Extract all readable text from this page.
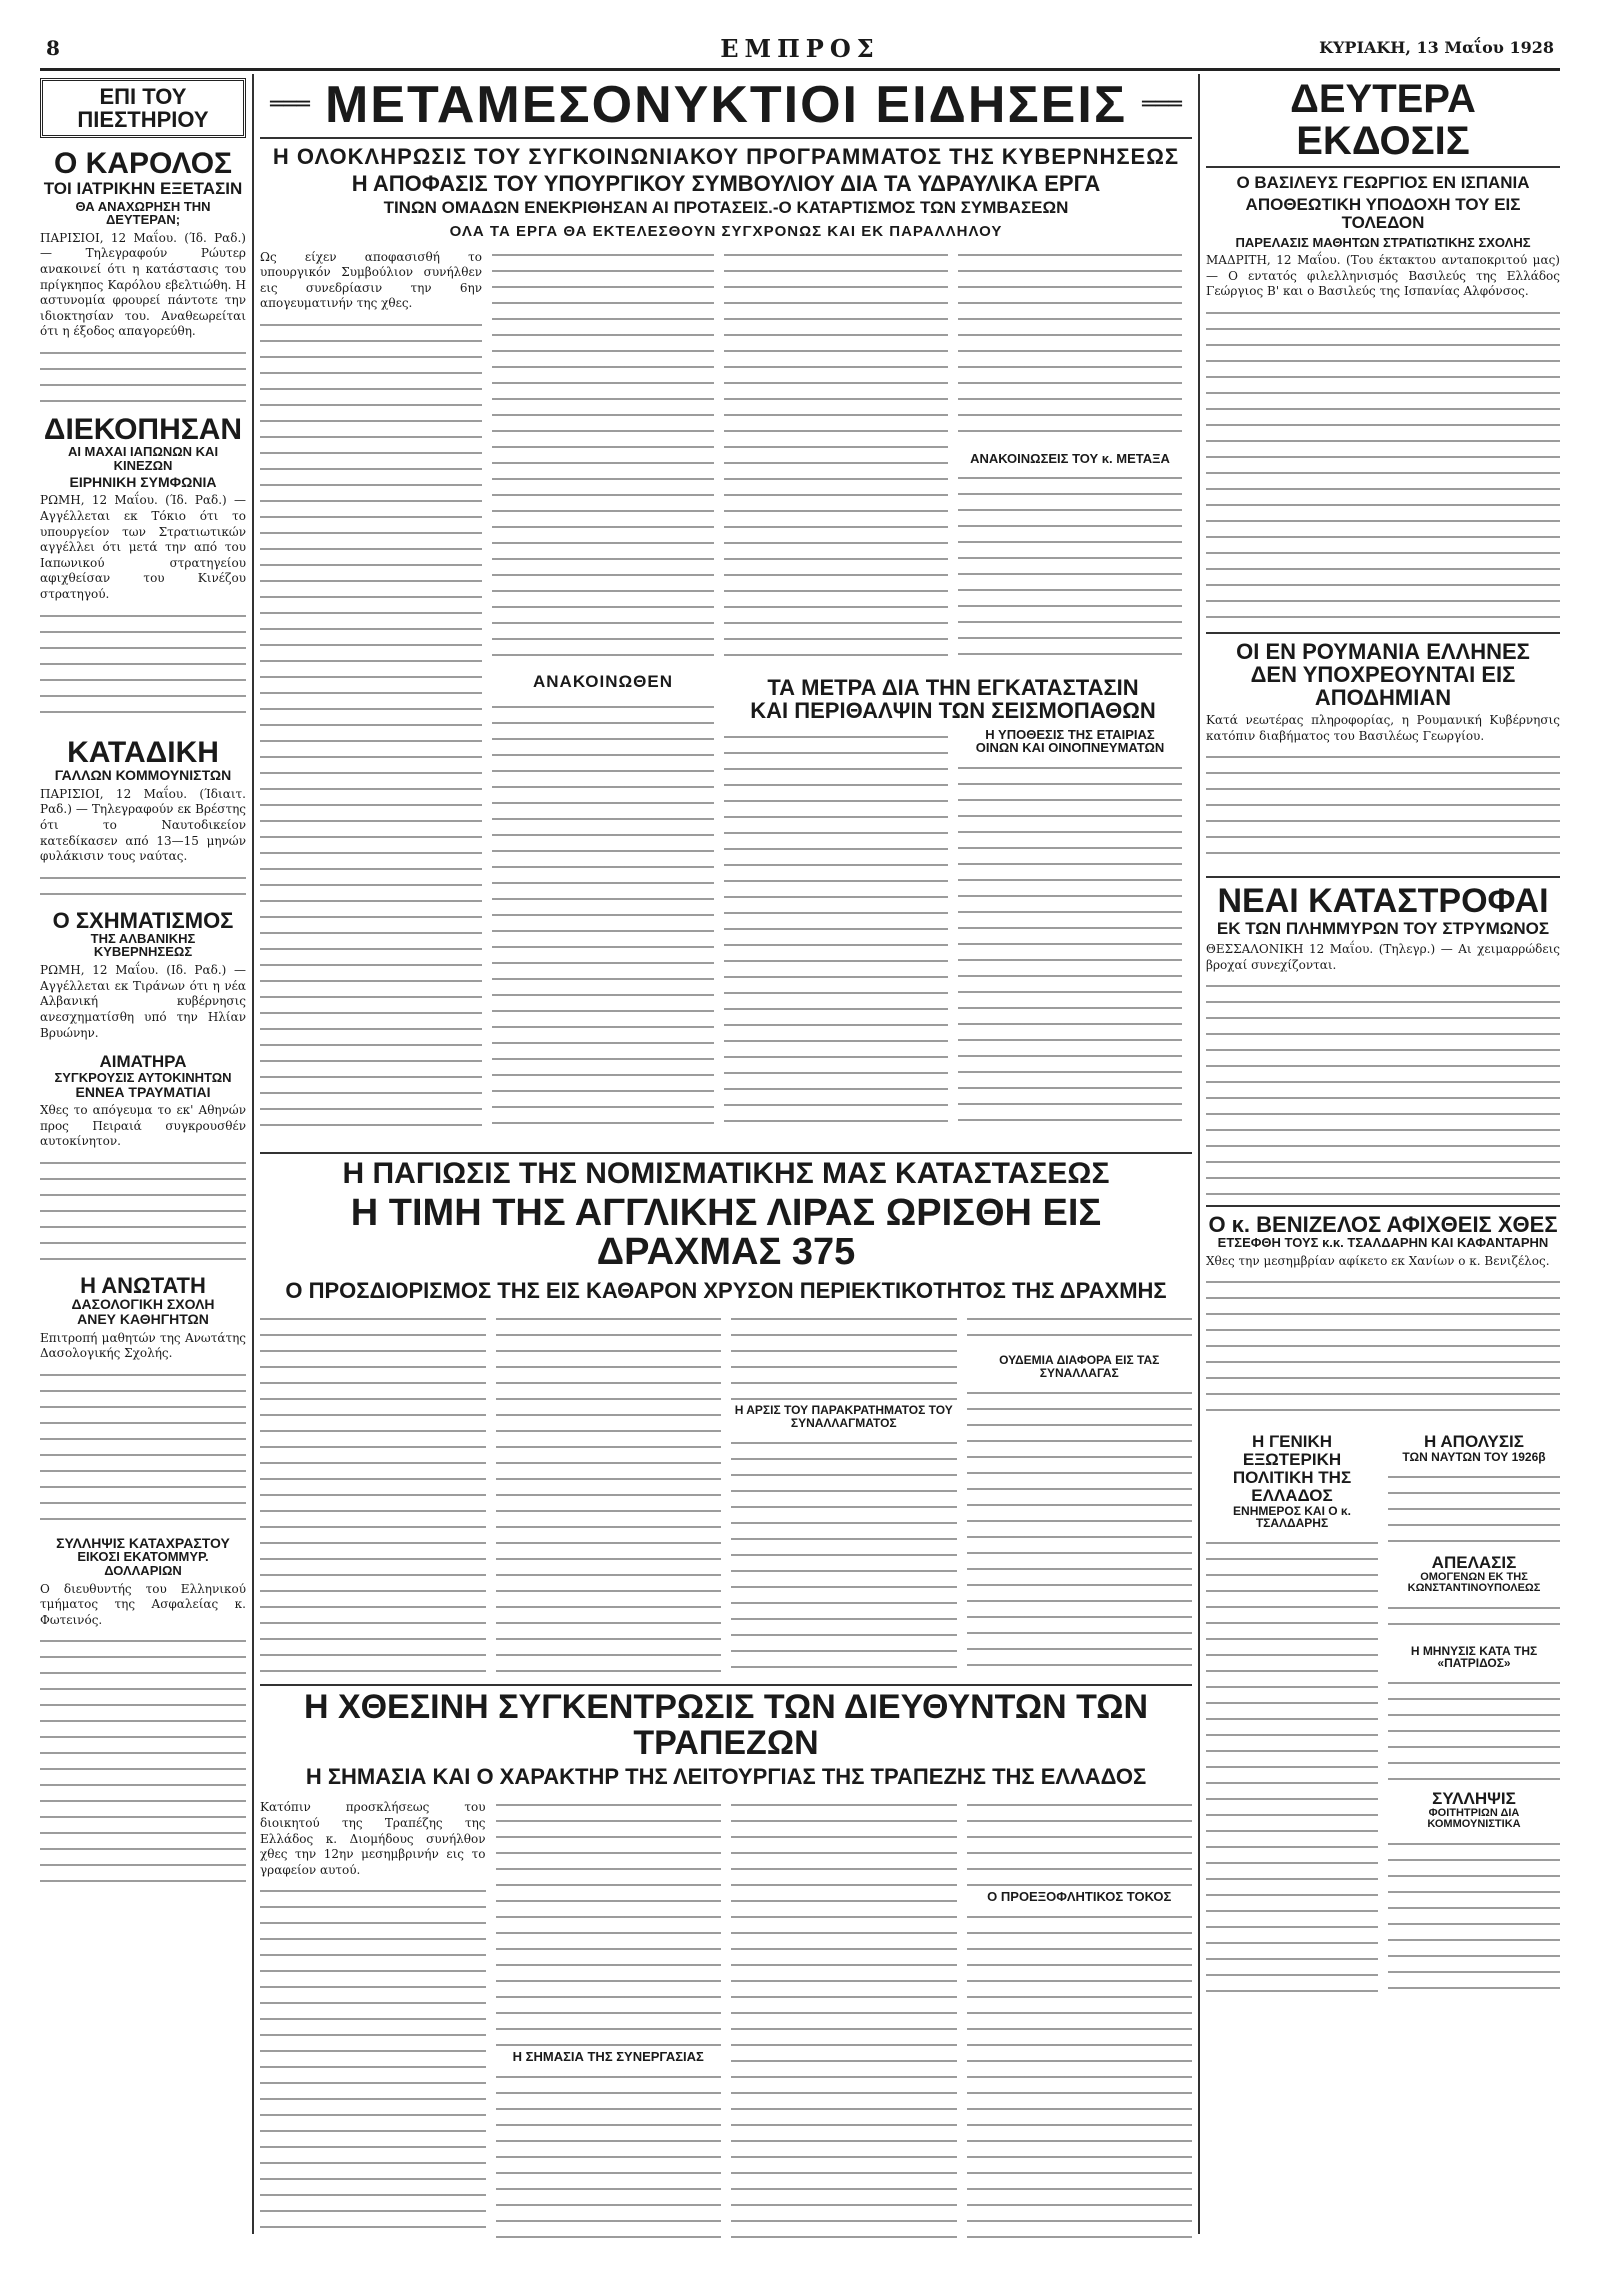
8	ΕΜΠΡΟΣ	ΚΥΡΙΑΚΗ, 13 Μαΐου 1928
ΕΠΙ ΤΟΥ ΠΙΕΣΤΗΡΙΟΥ
Ο ΚΑΡΟΛΟΣ
ΤΟΙ ΙΑΤΡΙΚΗΝ ΕΞΕΤΑΣΙΝ
ΘΑ ΑΝΑΧΩΡΗΣΗ ΤΗΝ ΔΕΥΤΕΡΑΝ;

ΠΑΡΙΣΙΟΙ, 12 Μαΐου. (Ίδ. Ραδ.) — Τηλεγραφούν Ρώυτερ ανακοινεί ότι η κατάστασις του πρίγκηπος Καρόλου εβελτιώθη. Η αστυνομία φρουρεί πάντοτε την ιδιοκτησίαν του. Αναθεωρείται ότι η έξοδος απαγορεύθη.

ΔΙΕΚΟΠΗΣΑΝ
ΑΙ ΜΑΧΑΙ ΙΑΠΩΝΩΝ ΚΑΙ ΚΙΝΕΖΩΝ
ΕΙΡΗΝΙΚΗ ΣΥΜΦΩΝΙΑ

ΡΩΜΗ, 12 Μαΐου. (Ίδ. Ραδ.) — Αγγέλλεται εκ Τόκιο ότι το υπουργείον των Στρατιωτικών αγγέλλει ότι μετά την από του Ιαπωνικού στρατηγείου αφιχθείσαν του Κινέζου στρατηγού.

ΚΑΤΑΔΙΚΗ
ΓΑΛΛΩΝ ΚΟΜΜΟΥΝΙΣΤΩΝ

ΠΑΡΙΣΙΟΙ, 12 Μαΐου. (Ίδιαιτ. Ραδ.) — Τηλεγραφούν εκ Βρέστης ότι το Ναυτοδικείον κατεδίκασεν από 13—15 μηνών φυλάκισιν τους ναύτας.

Ο ΣΧΗΜΑΤΙΣΜΟΣ
ΤΗΣ ΑΛΒΑΝΙΚΗΣ ΚΥΒΕΡΝΗΣΕΩΣ

ΡΩΜΗ, 12 Μαΐου. (Ιδ. Ραδ.) — Αγγέλλεται εκ Τιράνων ότι η νέα Αλβανική κυβέρνησις ανεσχηματίσθη υπό την Ηλίαν Βρυώνην.

ΑΙΜΑΤΗΡΑ
ΣΥΓΚΡΟΥΣΙΣ ΑΥΤΟΚΙΝΗΤΩΝ
ΕΝΝΕΑ ΤΡΑΥΜΑΤΙΑΙ

Χθες το απόγευμα το εκ' Αθηνών προς Πειραιά συγκρουσθέν αυτοκίνητον.

Η ΑΝΩΤΑΤΗ
ΔΑΣΟΛΟΓΙΚΗ ΣΧΟΛΗ
ΑΝΕΥ ΚΑΘΗΓΗΤΩΝ

Επιτροπή μαθητών της Ανωτάτης Δασολογικής Σχολής.

ΣΥΛΛΗΨΙΣ ΚΑΤΑΧΡΑΣΤΟΥ
ΕΙΚΟΣΙ ΕΚΑΤΟΜΜΥΡ. ΔΟΛΛΑΡΙΩΝ

Ο διευθυντής του Ελληνικού τμήματος της Ασφαλείας κ. Φωτεινός.

═══ ΜΕΤΑΜΕΣΟΝΥΚΤΙΟΙ ΕΙΔΗΣΕΙΣ ═══
Η ΟΛΟΚΛΗΡΩΣΙΣ ΤΟΥ ΣΥΓΚΟΙΝΩΝΙΑΚΟΥ ΠΡΟΓΡΑΜΜΑΤΟΣ ΤΗΣ ΚΥΒΕΡΝΗΣΕΩΣ
Η ΑΠΟΦΑΣΙΣ ΤΟΥ ΥΠΟΥΡΓΙΚΟΥ ΣΥΜΒΟΥΛΙΟΥ ΔΙΑ ΤΑ ΥΔΡΑΥΛΙΚΑ ΕΡΓΑ
ΤΙΝΩΝ ΟΜΑΔΩΝ ΕΝΕΚΡΙΘΗΣΑΝ ΑΙ ΠΡΟΤΑΣΕΙΣ.-Ο ΚΑΤΑΡΤΙΣΜΟΣ ΤΩΝ ΣΥΜΒΑΣΕΩΝ
ΟΛΑ ΤΑ ΕΡΓΑ ΘΑ ΕΚΤΕΛΕΣΘΟΥΝ ΣΥΓΧΡΟΝΩΣ ΚΑΙ ΕΚ ΠΑΡΑΛΛΗΛΟΥ

Ως είχεν αποφασισθή το υπουργικόν Συμβούλιον συνήλθεν εις συνεδρίασιν την 6ην απογευματινήν της χθες.

ΑΝΑΚΟΙΝΩΘΕΝ
ΑΝΑΚΟΙΝΩΣΕΙΣ ΤΟΥ κ. ΜΕΤΑΞΑ
ΤΑ ΜΕΤΡΑ ΔΙΑ ΤΗΝ ΕΓΚΑΤΑΣΤΑΣΙΝ
ΚΑΙ ΠΕΡΙΘΑΛΨΙΝ ΤΩΝ ΣΕΙΣΜΟΠΑΘΩΝ
Η ΥΠΟΘΕΣΙΣ ΤΗΣ ΕΤΑΙΡΙΑΣ
ΟΙΝΩΝ ΚΑΙ ΟΙΝΟΠΝΕΥΜΑΤΩΝ
Η ΠΑΓΙΩΣΙΣ ΤΗΣ ΝΟΜΙΣΜΑΤΙΚΗΣ ΜΑΣ ΚΑΤΑΣΤΑΣΕΩΣ
Η ΤΙΜΗ ΤΗΣ ΑΓΓΛΙΚΗΣ ΛΙΡΑΣ ΩΡΙΣΘΗ ΕΙΣ ΔΡΑΧΜΑΣ 375
Ο ΠΡΟΣΔΙΟΡΙΣΜΟΣ ΤΗΣ ΕΙΣ ΚΑΘΑΡΟΝ ΧΡΥΣΟΝ ΠΕΡΙΕΚΤΙΚΟΤΗΤΟΣ ΤΗΣ ΔΡΑΧΜΗΣ
Η ΑΡΣΙΣ ΤΟΥ ΠΑΡΑΚΡΑΤΗΜΑΤΟΣ ΤΟΥ ΣΥΝΑΛΛΑΓΜΑΤΟΣ
ΟΥΔΕΜΙΑ ΔΙΑΦΟΡΑ ΕΙΣ ΤΑΣ ΣΥΝΑΛΛΑΓΑΣ
Η ΧΘΕΣΙΝΗ ΣΥΓΚΕΝΤΡΩΣΙΣ ΤΩΝ ΔΙΕΥΘΥΝΤΩΝ ΤΩΝ ΤΡΑΠΕΖΩΝ
Η ΣΗΜΑΣΙΑ ΚΑΙ Ο ΧΑΡΑΚΤΗΡ ΤΗΣ ΛΕΙΤΟΥΡΓΙΑΣ ΤΗΣ ΤΡΑΠΕΖΗΣ ΤΗΣ ΕΛΛΑΔΟΣ

Κατόπιν προσκλήσεως του διοικητού της Τραπέζης της Ελλάδος κ. Διομήδους συνήλθον χθες την 12ην μεσημβρινήν εις το γραφείον αυτού.

Η ΣΗΜΑΣΙΑ ΤΗΣ ΣΥΝΕΡΓΑΣΙΑΣ
Ο ΠΡΟΕΞΟΦΛΗΤΙΚΟΣ ΤΟΚΟΣ
ΔΕΥΤΕΡΑ ΕΚΔΟΣΙΣ
Ο ΒΑΣΙΛΕΥΣ ΓΕΩΡΓΙΟΣ ΕΝ ΙΣΠΑΝΙΑ
ΑΠΟΘΕΩΤΙΚΗ ΥΠΟΔΟΧΗ ΤΟΥ ΕΙΣ ΤΟΛΕΔΟΝ
ΠΑΡΕΛΑΣΙΣ ΜΑΘΗΤΩΝ ΣΤΡΑΤΙΩΤΙΚΗΣ ΣΧΟΛΗΣ

ΜΑΔΡΙΤΗ, 12 Μαΐου. (Του έκτακτου ανταποκριτού μας) — Ο εντατός φιλελληνισμός Βασιλεύς της Ελλάδος Γεώργιος Β' και ο Βασιλεύς της Ισπανίας Αλφόνσος.

ΟΙ ΕΝ ΡΟΥΜΑΝΙΑ ΕΛΛΗΝΕΣ
ΔΕΝ ΥΠΟΧΡΕΟΥΝΤΑΙ ΕΙΣ ΑΠΟΔΗΜΙΑΝ

Κατά νεωτέρας πληροφορίας, η Ρουμανική Κυβέρνησις κατόπιν διαβήματος του Βασιλέως Γεωργίου.

ΝΕΑΙ ΚΑΤΑΣΤΡΟΦΑΙ
ΕΚ ΤΩΝ ΠΛΗΜΜΥΡΩΝ ΤΟΥ ΣΤΡΥΜΩΝΟΣ

ΘΕΣΣΑΛΟΝΙΚΗ 12 Μαΐου. (Τηλεγρ.) — Αι χειμαρρώδεις βροχαί συνεχίζονται.

Ο κ. ΒΕΝΙΖΕΛΟΣ ΑΦΙΧΘΕΙΣ ΧΘΕΣ
ΕΤΣΕΦΘΗ ΤΟΥΣ κ.κ. ΤΣΑΛΔΑΡΗΝ ΚΑΙ ΚΑΦΑΝΤΑΡΗΝ

Χθες την μεσημβρίαν αφίκετο εκ Χανίων ο κ. Βενιζέλος.

Η ΓΕΝΙΚΗ ΕΞΩΤΕΡΙΚΗ
ΠΟΛΙΤΙΚΗ ΤΗΣ ΕΛΛΑΔΟΣ
ΕΝΗΜΕΡΟΣ ΚΑΙ Ο κ. ΤΣΑΛΔΑΡΗΣ
Η ΑΠΟΛΥΣΙΣ
ΤΩΝ ΝΑΥΤΩΝ ΤΟΥ 1926β
ΑΠΕΛΑΣΙΣ
ΟΜΟΓΕΝΩΝ ΕΚ ΤΗΣ ΚΩΝΣΤΑΝΤΙΝΟΥΠΟΛΕΩΣ
Η ΜΗΝΥΣΙΣ ΚΑΤΑ ΤΗΣ «ΠΑΤΡΙΔΟΣ»
ΣΥΛΛΗΨΙΣ
ΦΟΙΤΗΤΡΙΩΝ ΔΙΑ ΚΟΜΜΟΥΝΙΣΤΙΚΑ
